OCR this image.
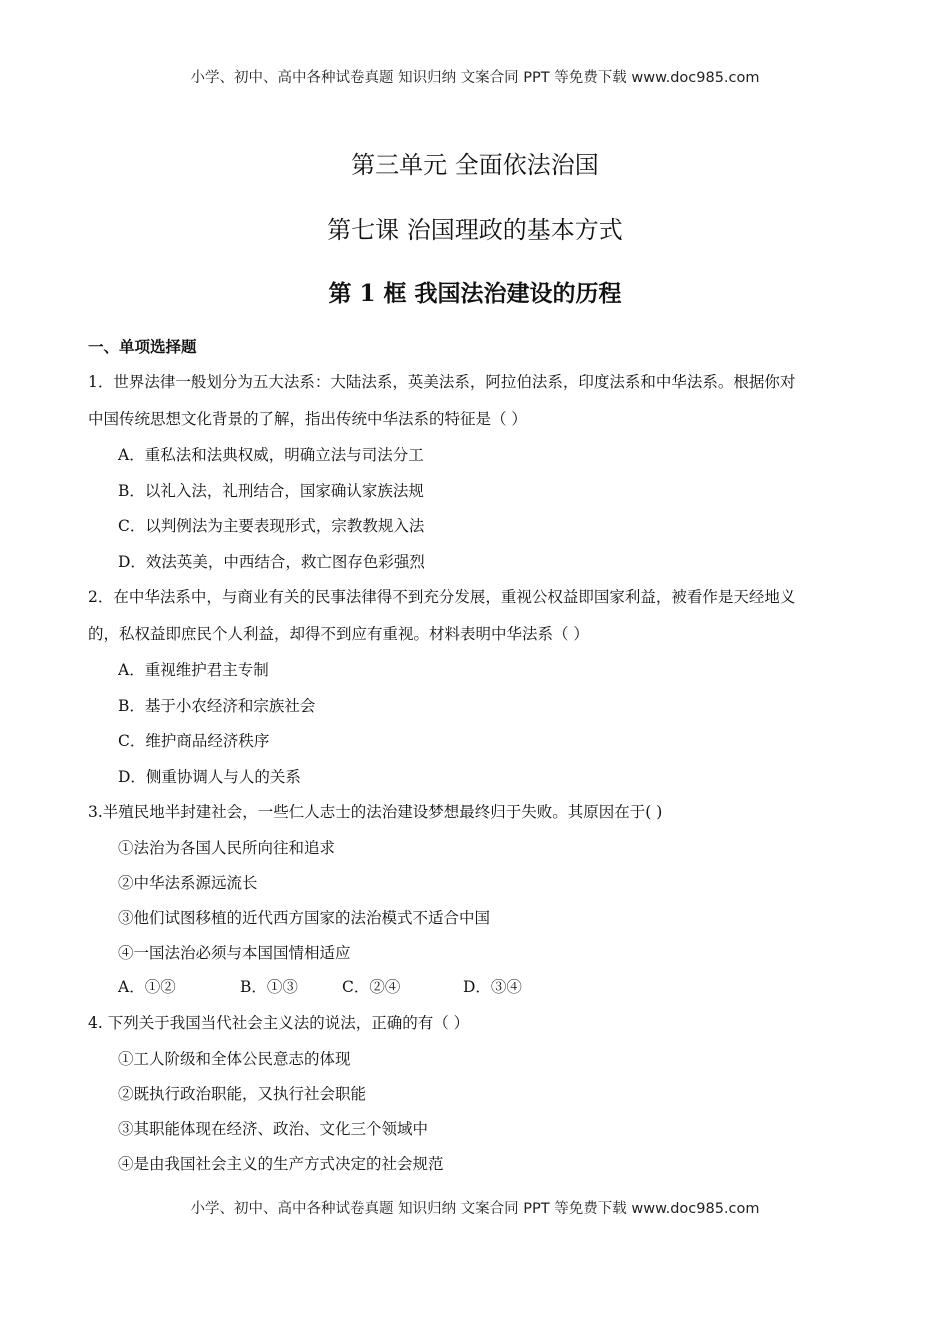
小学、初中、高中各种试卷真题 知识归纳 文案合同 PPT 等免费下载 www.doc985.com
第三单元 全面依法治国
第七课 治国理政的基本方式
第 1 框 我国法治建设的历程
一、单项选择题
1．世界法律一般划分为五大法系：大陆法系，英美法系，阿拉伯法系，印度法系和中华法系。根据你对
中国传统思想文化背景的了解，指出传统中华法系的特征是（ ）
A．重私法和法典权威，明确立法与司法分工
B．以礼入法，礼刑结合，国家确认家族法规
C．以判例法为主要表现形式，宗教教规入法
D．效法英美，中西结合，救亡图存色彩强烈
2．在中华法系中，与商业有关的民事法律得不到充分发展，重视公权益即国家利益，被看作是天经地义
的，私权益即庶民个人利益，却得不到应有重视。材料表明中华法系（ ）
A．重视维护君主专制
B．基于小农经济和宗族社会
C．维护商品经济秩序
D．侧重协调人与人的关系
3.半殖民地半封建社会，一些仁人志士的法治建设梦想最终归于失败。其原因在于( )
①法治为各国人民所向往和追求
②中华法系源远流长
③他们试图移植的近代西方国家的法治模式不适合中国
④一国法治必须与本国国情相适应
A．①②	B．①③	C．②④	D．③④
4. 下列关于我国当代社会主义法的说法，正确的有（ ）
①工人阶级和全体公民意志的体现
②既执行政治职能，又执行社会职能
③其职能体现在经济、政治、文化三个领域中
④是由我国社会主义的生产方式决定的社会规范
小学、初中、高中各种试卷真题 知识归纳 文案合同 PPT 等免费下载 www.doc985.com
